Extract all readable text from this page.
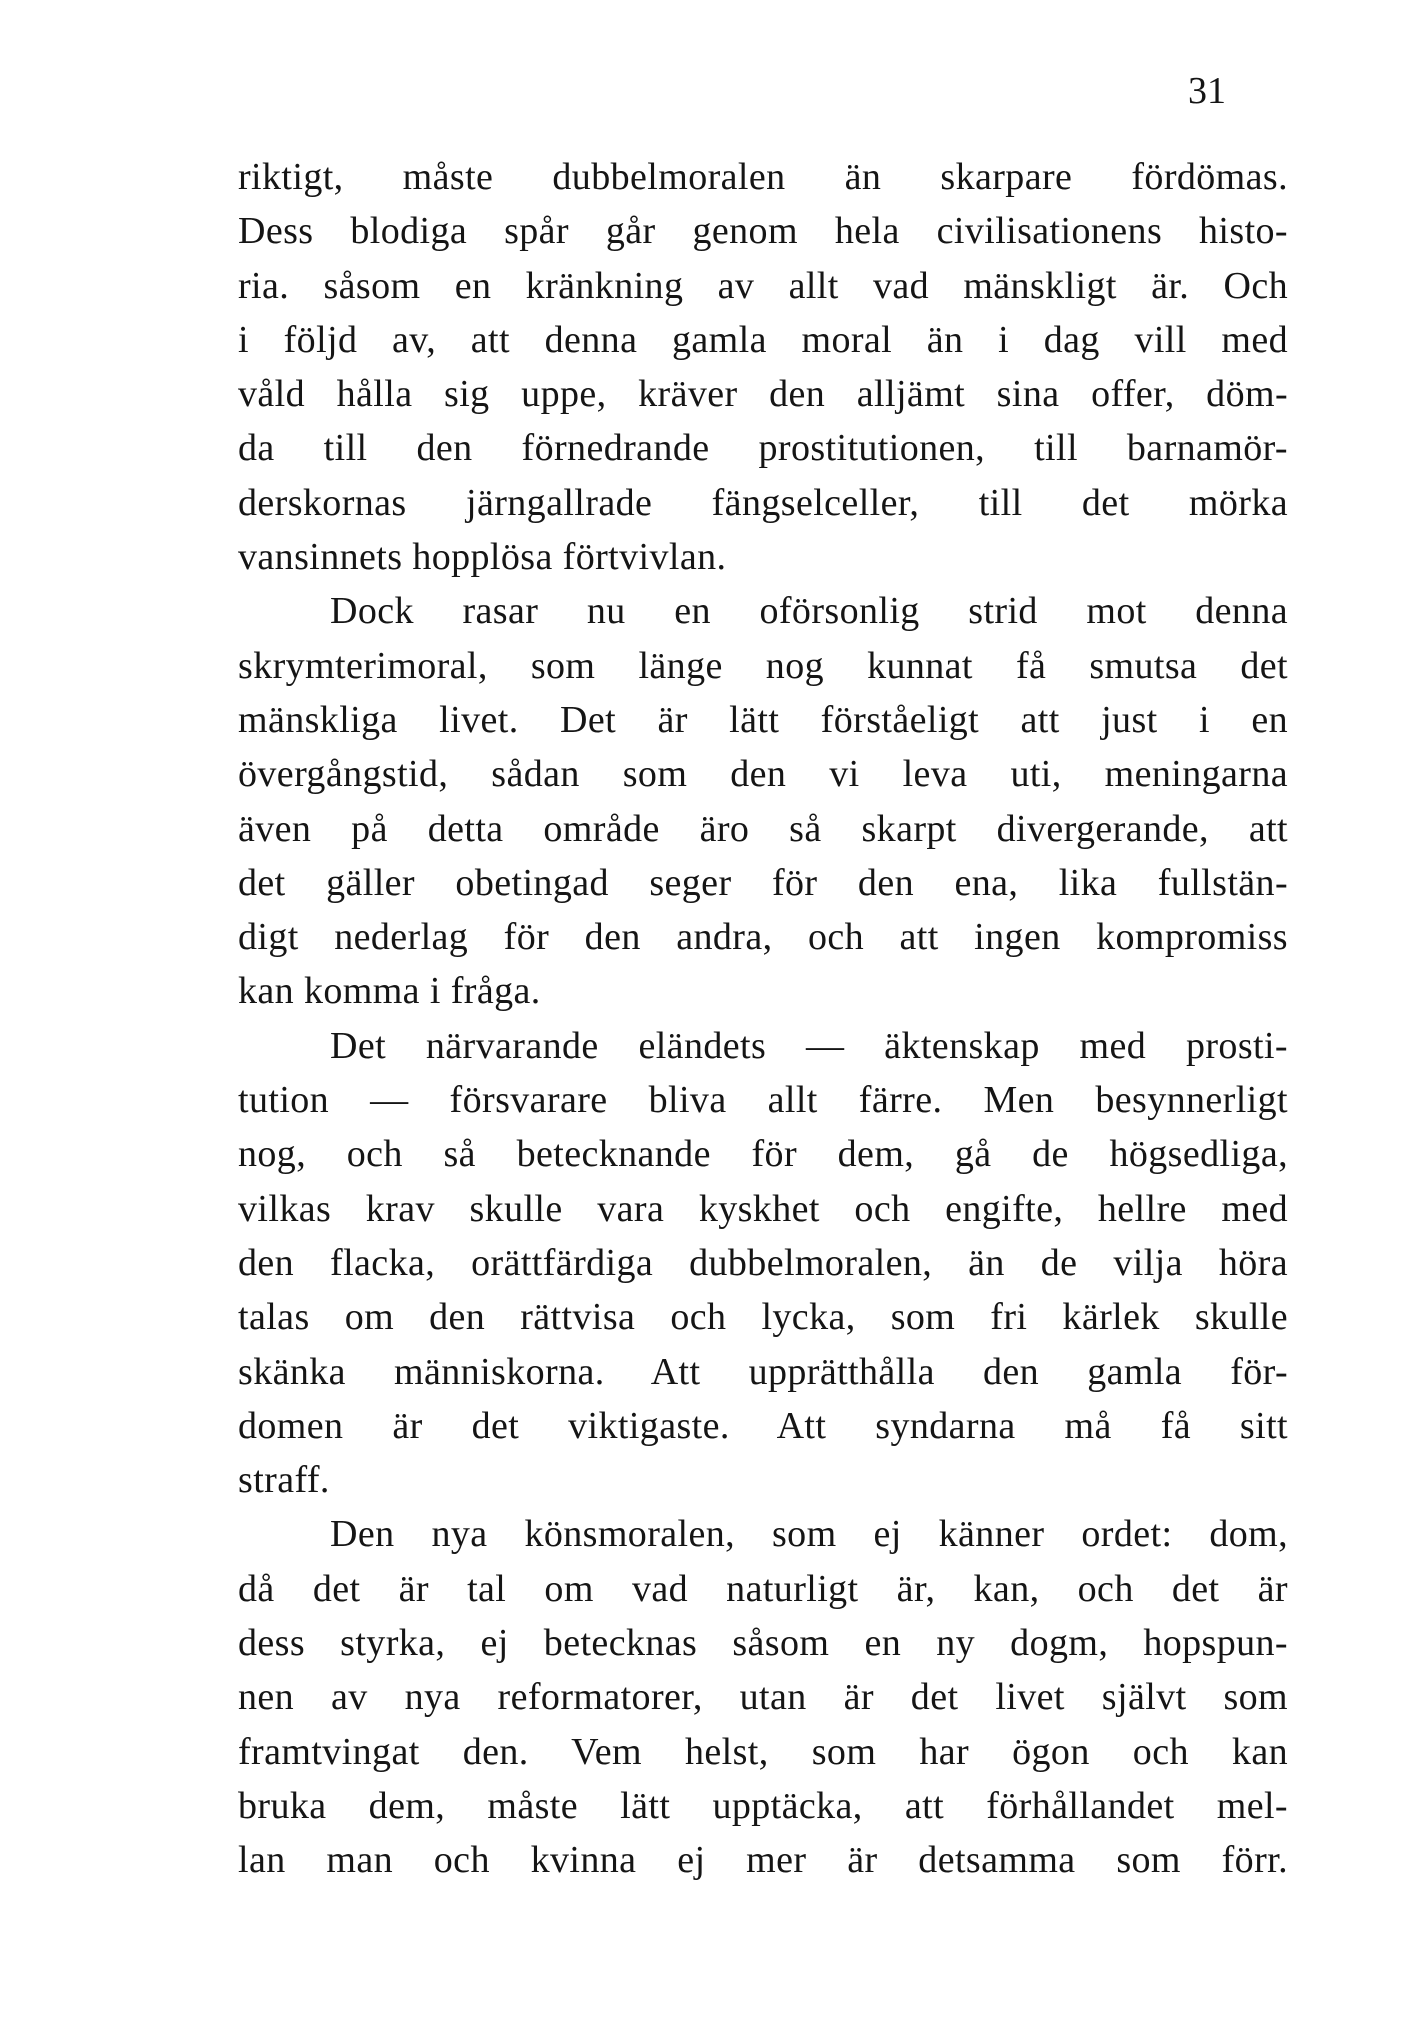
31
riktigt, måste dubbelmoralen än skarpare fördömas.
Dess blodiga spår går genom hela civilisationens histo-
ria. såsom en kränkning av allt vad mänskligt är. Och
i följd av, att denna gamla moral än i dag vill med
våld hålla sig uppe, kräver den alljämt sina offer, döm-
da till den förnedrande prostitutionen, till barnamör-
derskornas järngallrade fängselceller, till det mörka
vansinnets hopplösa förtvivlan.
Dock rasar nu en oförsonlig strid mot denna
skrymterimoral, som länge nog kunnat få smutsa det
mänskliga livet. Det är lätt förståeligt att just i en
övergångstid, sådan som den vi leva uti, meningarna
även på detta område äro så skarpt divergerande, att
det gäller obetingad seger för den ena, lika fullstän-
digt nederlag för den andra, och att ingen kompromiss
kan komma i fråga.
Det närvarande eländets — äktenskap med prosti-
tution — försvarare bliva allt färre. Men besynnerligt
nog, och så betecknande för dem, gå de högsedliga,
vilkas krav skulle vara kyskhet och engifte, hellre med
den flacka, orättfärdiga dubbelmoralen, än de vilja höra
talas om den rättvisa och lycka, som fri kärlek skulle
skänka människorna. Att upprätthålla den gamla för-
domen är det viktigaste. Att syndarna må få sitt
straff.
Den nya könsmoralen, som ej känner ordet: dom,
då det är tal om vad naturligt är, kan, och det är
dess styrka, ej betecknas såsom en ny dogm, hopspun-
nen av nya reformatorer, utan är det livet självt som
framtvingat den. Vem helst, som har ögon och kan
bruka dem, måste lätt upptäcka, att förhållandet mel-
lan man och kvinna ej mer är detsamma som förr.
